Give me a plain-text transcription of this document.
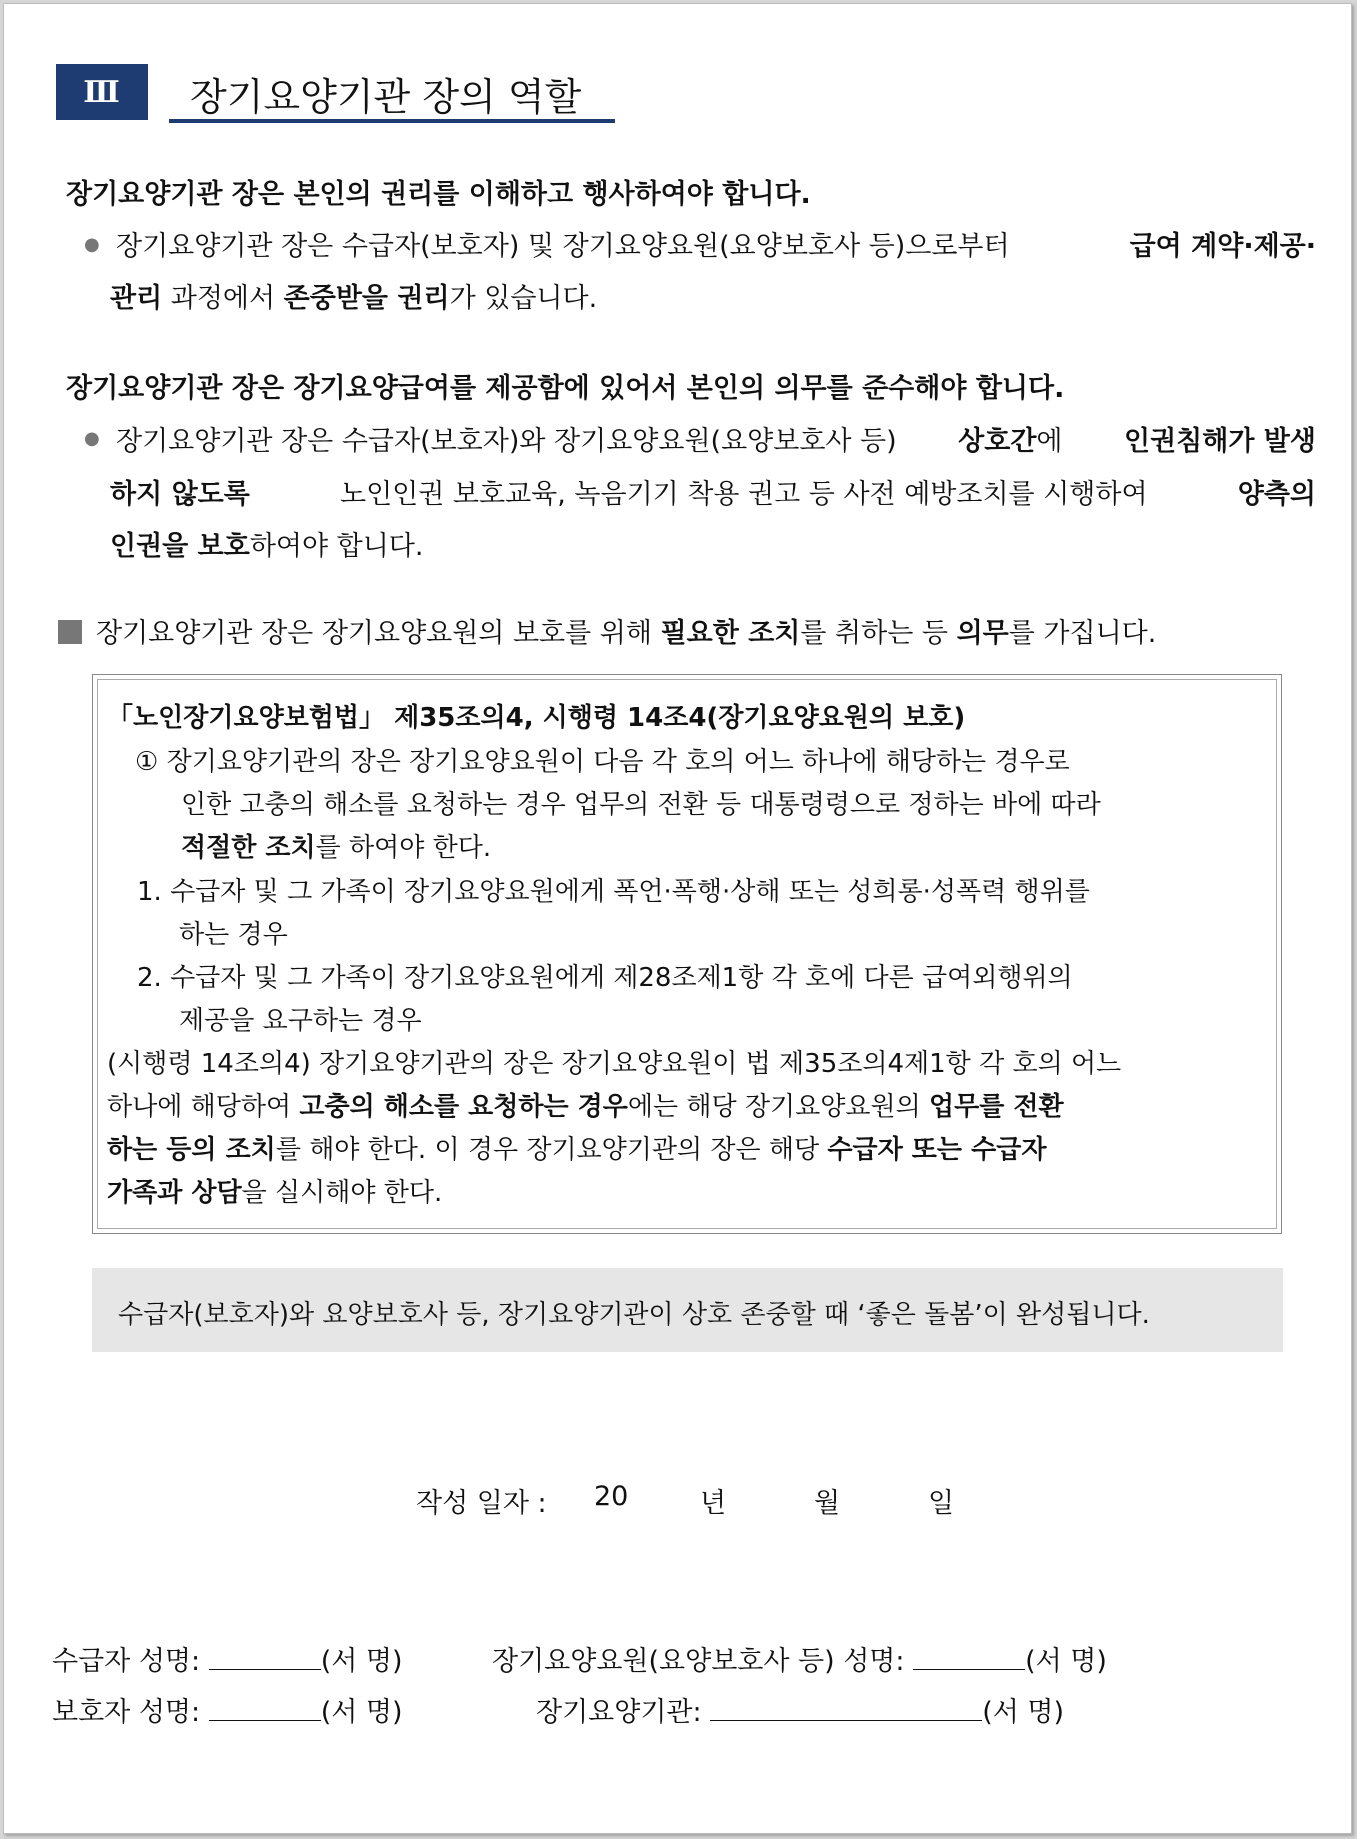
Ⅲ 장기요양기관 장의 역할
장기요양기관 장은 본인의 권리를 이해하고 행사하여야 합니다.
● 장기요양기관 장은 수급자(보호자) 및 장기요양요원(요양보호사 등)으로부터	급여 계약·제공·
관리 과정에서 존중받을 권리가 있습니다.
장기요양기관 장은 장기요양급여를 제공함에 있어서 본인의 의무를 준수해야 합니다.
● 장기요양기관 장은 수급자(보호자)와 장기요양요원(요양보호사 등) 상호간에 인권침해가 발생
하지 않도록	노인인권 보호교육, 녹음기기 착용 권고 등 사전 예방조치를 시행하여	양측의
인권을 보호하여야 합니다.
장기요양기관 장은 장기요양요원의 보호를 위해 필요한 조치를 취하는 등 의무를 가집니다.
「노인장기요양보험법」 제35조의4, 시행령 14조4(장기요양요원의 보호)
① 장기요양기관의 장은 장기요양요원이 다음 각 호의 어느 하나에 해당하는 경우로
인한 고충의 해소를 요청하는 경우 업무의 전환 등 대통령령으로 정하는 바에 따라
적절한 조치를 하여야 한다.
1. 수급자 및 그 가족이 장기요양요원에게 폭언·폭행·상해 또는 성희롱·성폭력 행위를
하는 경우
2. 수급자 및 그 가족이 장기요양요원에게 제28조제1항 각 호에 다른 급여외행위의
제공을 요구하는 경우
(시행령 14조의4) 장기요양기관의 장은 장기요양요원이 법 제35조의4제1항 각 호의 어느
하나에 해당하여 고충의 해소를 요청하는 경우에는 해당 장기요양요원의 업무를 전환
하는 등의 조치를 해야 한다. 이 경우 장기요양기관의 장은 해당 수급자 또는 수급자
가족과 상담을 실시해야 한다.
수급자(보호자)와 요양보호사 등, 장기요양기관이 상호 존중할 때 ‘좋은 돌봄’이 완성됩니다.
작성 일자 : 20	년	월	일
수급자 성명:	(서 명)	장기요양요원(요양보호사 등) 성명:	(서 명)
보호자 성명:	(서 명)	장기요양기관:	(서 명)
